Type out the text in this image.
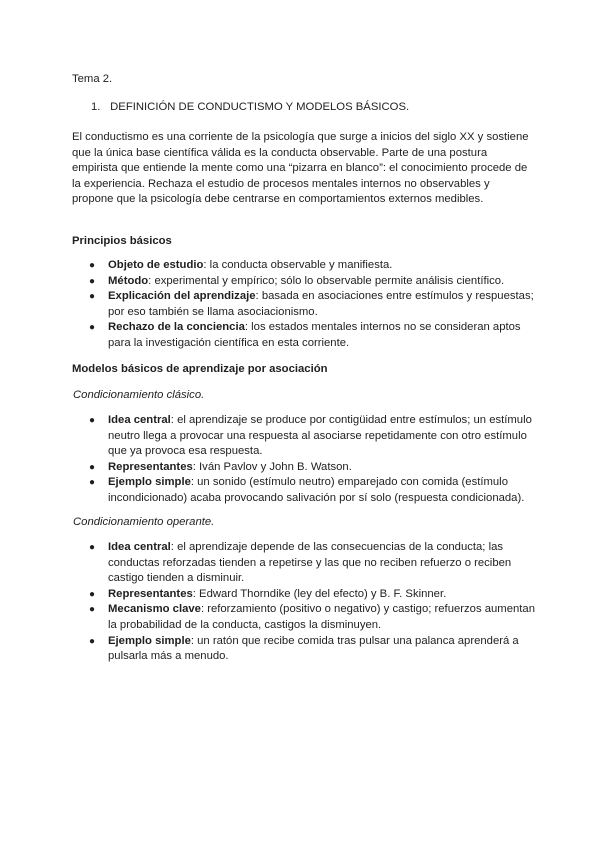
Tema 2.
1. DEFINICIÓN DE CONDUCTISMO Y MODELOS BÁSICOS.
El conductismo es una corriente de la psicología que surge a inicios del siglo XX y sostiene que la única base científica válida es la conducta observable. Parte de una postura empirista que entiende la mente como una “pizarra en blanco”: el conocimiento procede de la experiencia. Rechaza el estudio de procesos mentales internos no observables y propone que la psicología debe centrarse en comportamientos externos medibles.
Principios básicos
● Objeto de estudio: la conducta observable y manifiesta.
● Método: experimental y empírico; sólo lo observable permite análisis científico.
● Explicación del aprendizaje: basada en asociaciones entre estímulos y respuestas; por eso también se llama asociacionismo.
● Rechazo de la conciencia: los estados mentales internos no se consideran aptos para la investigación científica en esta corriente.
Modelos básicos de aprendizaje por asociación
Condicionamiento clásico.
● Idea central: el aprendizaje se produce por contigüidad entre estímulos; un estímulo neutro llega a provocar una respuesta al asociarse repetidamente con otro estímulo que ya provoca esa respuesta.
● Representantes: Iván Pavlov y John B. Watson.
● Ejemplo simple: un sonido (estímulo neutro) emparejado con comida (estímulo incondicionado) acaba provocando salivación por sí solo (respuesta condicionada).
Condicionamiento operante.
● Idea central: el aprendizaje depende de las consecuencias de la conducta; las conductas reforzadas tienden a repetirse y las que no reciben refuerzo o reciben castigo tienden a disminuir.
● Representantes: Edward Thorndike (ley del efecto) y B. F. Skinner.
● Mecanismo clave: reforzamiento (positivo o negativo) y castigo; refuerzos aumentan la probabilidad de la conducta, castigos la disminuyen.
● Ejemplo simple: un ratón que recibe comida tras pulsar una palanca aprenderá a pulsarla más a menudo.
